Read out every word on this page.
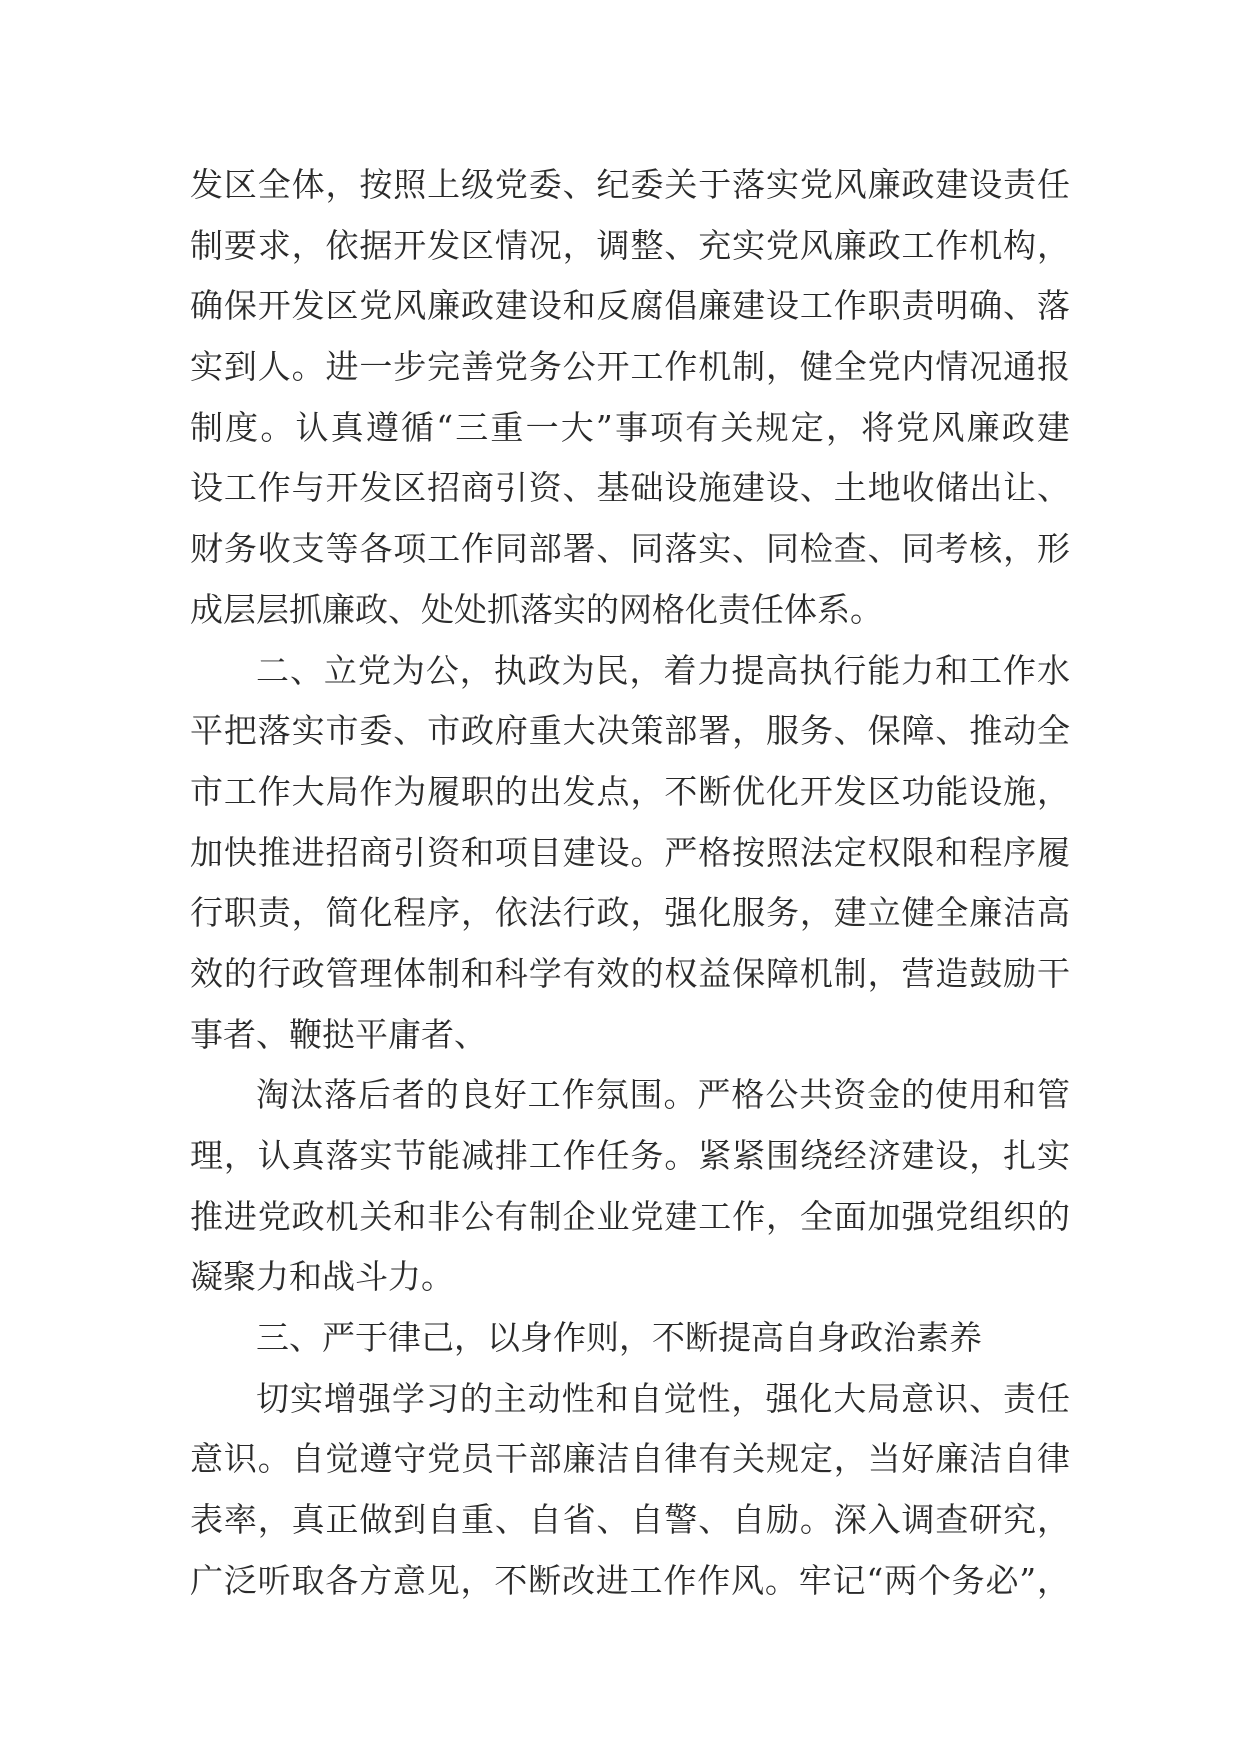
发区全体，按照上级党委、纪委关于落实党风廉政建设责任
制要求，依据开发区情况，调整、充实党风廉政工作机构，
确保开发区党风廉政建设和反腐倡廉建设工作职责明确、落
实到人。进一步完善党务公开工作机制，健全党内情况通报
制度。认真遵循“三重一大”事项有关规定，将党风廉政建
设工作与开发区招商引资、基础设施建设、土地收储出让、
财务收支等各项工作同部署、同落实、同检查、同考核，形
成层层抓廉政、处处抓落实的网格化责任体系。
二、立党为公，执政为民，着力提高执行能力和工作水
平把落实市委、市政府重大决策部署，服务、保障、推动全
市工作大局作为履职的出发点，不断优化开发区功能设施，
加快推进招商引资和项目建设。严格按照法定权限和程序履
行职责，简化程序，依法行政，强化服务，建立健全廉洁高
效的行政管理体制和科学有效的权益保障机制，营造鼓励干
事者、鞭挞平庸者、
淘汰落后者的良好工作氛围。严格公共资金的使用和管
理，认真落实节能减排工作任务。紧紧围绕经济建设，扎实
推进党政机关和非公有制企业党建工作，全面加强党组织的
凝聚力和战斗力。
三、严于律己，以身作则，不断提高自身政治素养
切实增强学习的主动性和自觉性，强化大局意识、责任
意识。自觉遵守党员干部廉洁自律有关规定，当好廉洁自律
表率，真正做到自重、自省、自警、自励。深入调查研究，
广泛听取各方意见，不断改进工作作风。牢记“两个务必”，
